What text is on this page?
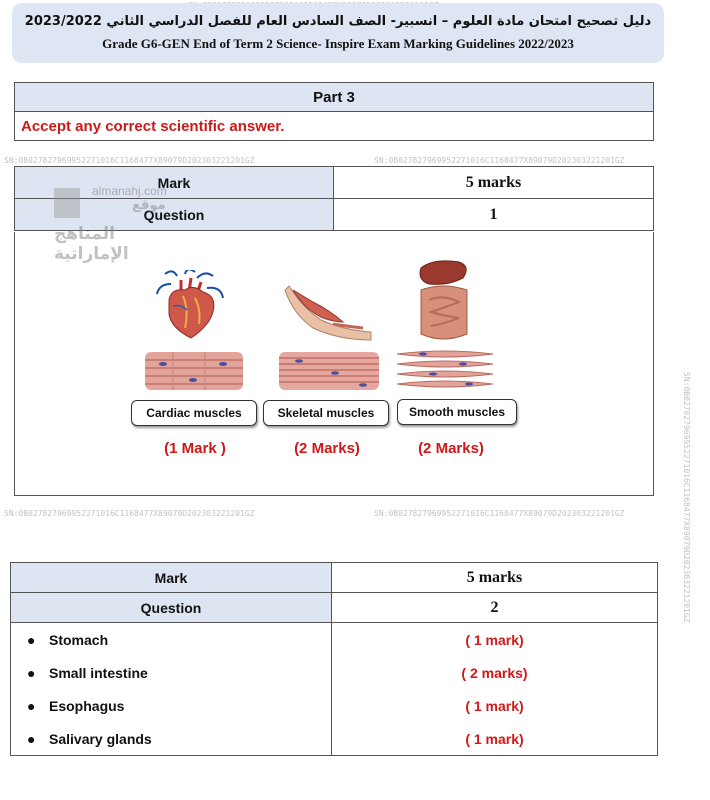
SN:0B027827969952271016C1168477X89079D202303221201GZ	SN:0B027827969952271016C1168477X89079D202303221201GZ
SN:0B027827969952271016C1168477X89079D202303221201GZ	SN:0B027827969952271016C1168477X89079D202303221201GZ	SN:0B027827969952271016C1168477X89079D202303221201GZ
دليل تصحيح امتحان مادة العلوم – انسبير- الصف السادس العام للفصل الدراسي الثاني 2023/2022
Grade G6-GEN End of Term 2 Science- Inspire Exam Marking Guidelines 2022/2023
Part 3
Accept any correct scientific answer.
Mark	5 marks
Question	1
almanahj.com
موقع
المناهج الإماراتية
Cardiac muscles	Skeletal muscles	Smooth muscles
(1 Mark )	(2 Marks)	(2 Marks)
Mark	5 marks
Question	2
● Stomach	( 1 mark)
● Small intestine	( 2 marks)
● Esophagus	( 1 mark)
● Salivary glands	( 1 mark)
